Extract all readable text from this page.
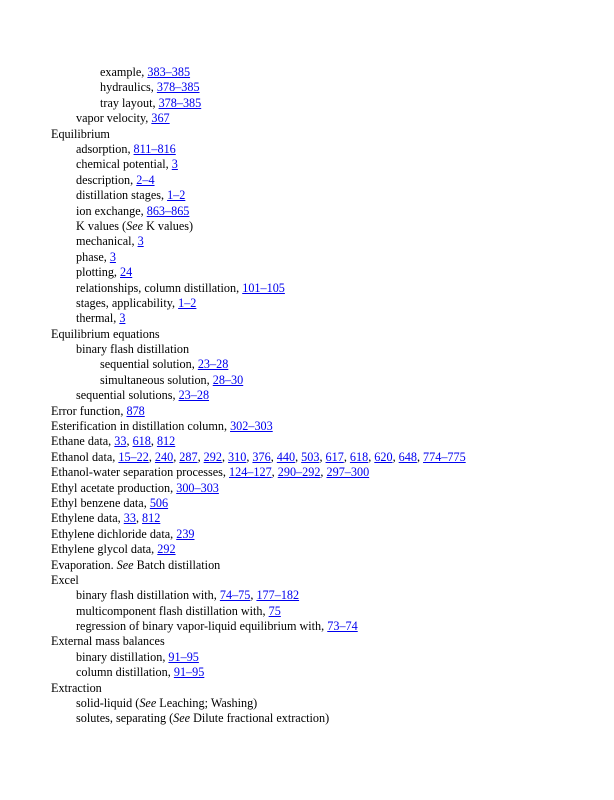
example, 383–385
hydraulics, 378–385
tray layout, 378–385
vapor velocity, 367
Equilibrium
adsorption, 811–816
chemical potential, 3
description, 2–4
distillation stages, 1–2
ion exchange, 863–865
K values (See K values)
mechanical, 3
phase, 3
plotting, 24
relationships, column distillation, 101–105
stages, applicability, 1–2
thermal, 3
Equilibrium equations
binary flash distillation
sequential solution, 23–28
simultaneous solution, 28–30
sequential solutions, 23–28
Error function, 878
Esterification in distillation column, 302–303
Ethane data, 33, 618, 812
Ethanol data, 15–22, 240, 287, 292, 310, 376, 440, 503, 617, 618, 620, 648, 774–775
Ethanol-water separation processes, 124–127, 290–292, 297–300
Ethyl acetate production, 300–303
Ethyl benzene data, 506
Ethylene data, 33, 812
Ethylene dichloride data, 239
Ethylene glycol data, 292
Evaporation. See Batch distillation
Excel
binary flash distillation with, 74–75, 177–182
multicomponent flash distillation with, 75
regression of binary vapor-liquid equilibrium with, 73–74
External mass balances
binary distillation, 91–95
column distillation, 91–95
Extraction
solid-liquid (See Leaching; Washing)
solutes, separating (See Dilute fractional extraction)
